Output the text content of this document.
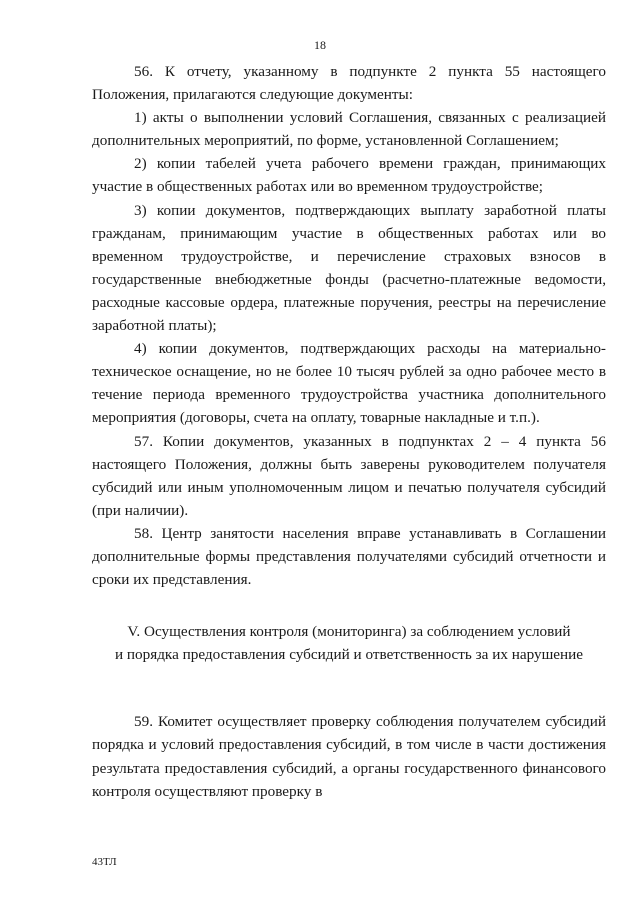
18

56. К отчету, указанному в подпункте 2 пункта 55 настоящего Положения, прилагаются следующие документы:

1) акты о выполнении условий Соглашения, связанных с реализацией дополнительных мероприятий, по форме, установленной Соглашением;

2) копии табелей учета рабочего времени граждан, принимающих участие в общественных работах или во временном трудоустройстве;

3) копии документов, подтверждающих выплату заработной платы гражданам, принимающим участие в общественных работах или во временном трудоустройстве, и перечисление страховых взносов в государственные внебюджетные фонды (расчетно-платежные ведомости, расходные кассовые ордера, платежные поручения, реестры на перечисление заработной платы);

4) копии документов, подтверждающих расходы на материально-техническое оснащение, но не более 10 тысяч рублей за одно рабочее место в течение периода временного трудоустройства участника дополнительного мероприятия (договоры, счета на оплату, товарные накладные и т.п.).

57. Копии документов, указанных в подпунктах 2 – 4 пункта 56 настоящего Положения, должны быть заверены руководителем получателя субсидий или иным уполномоченным лицом и печатью получателя субсидий (при наличии).

58. Центр занятости населения вправе устанавливать в Соглашении дополнительные формы представления получателями субсидий отчетности и сроки их представления.

V. Осуществления контроля (мониторинга) за соблюдением условий
и порядка предоставления субсидий и ответственность за их нарушение

59. Комитет осуществляет проверку соблюдения получателем субсидий порядка и условий предоставления субсидий, в том числе в части достижения результата предоставления субсидий, а органы государственного финансового контроля осуществляют проверку в

43ТЛ
